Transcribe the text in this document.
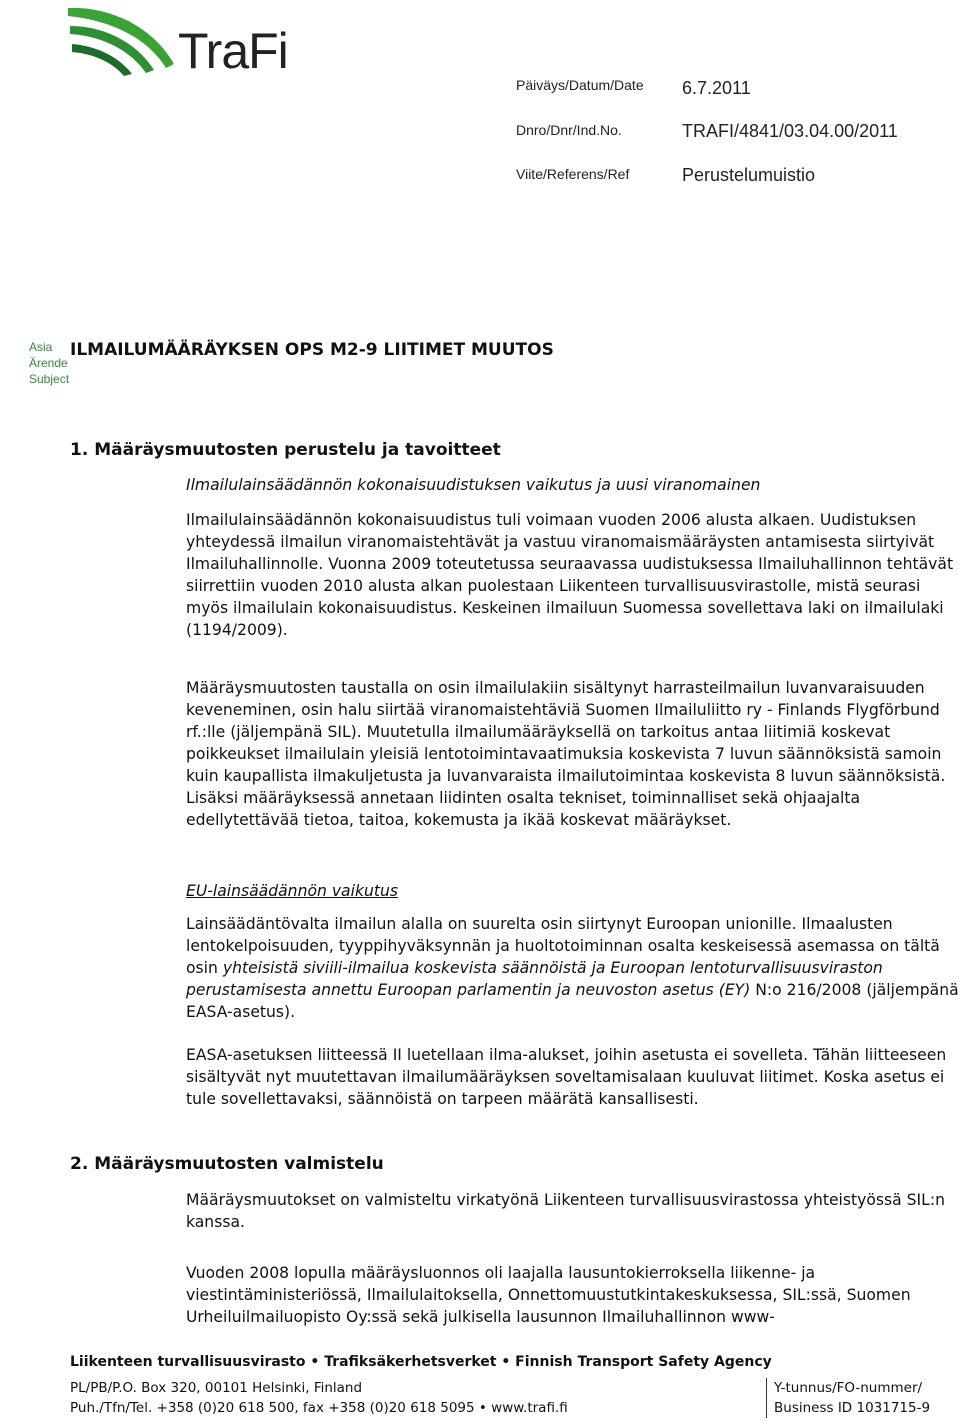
TraFi
Päiväys/Datum/Date 6.7.2011
Dnro/Dnr/Ind.No.	TRAFI/4841/03.04.00/2011
Viite/Referens/Ref	Perustelumuistio
Asia
Ärende
Subject
ILMAILUMÄÄRÄYKSEN OPS M2-9 LIITIMET MUUTOS
1. Määräysmuutosten perustelu ja tavoitteet
Ilmailulainsäädännön kokonaisuudistuksen vaikutus ja uusi viranomainen

Ilmailulainsäädännön kokonaisuudistus tuli voimaan vuoden 2006 alusta alkaen. Uudistuksen yhteydessä ilmailun viranomaistehtävät ja vastuu viranomaismääräysten antamisesta siirtyivät Ilmailuhallinnolle. Vuonna 2009 toteutetussa seuraavassa uudistuksessa Ilmailuhallinnon tehtävät siirrettiin vuoden 2010 alusta alkan puolestaan Liikenteen turvallisuusvirastolle, mistä seurasi myös ilmailulain kokonaisuudistus. Keskeinen ilmailuun Suomessa sovellettava laki on ilmailulaki (1194/2009).

Määräysmuutosten taustalla on osin ilmailulakiin sisältynyt harrasteilmailun luvanvaraisuuden keveneminen, osin halu siirtää viranomaistehtäviä Suomen Ilmailuliitto ry - Finlands Flygförbund rf.:lle (jäljempänä SIL). Muutetulla ilmailumääräyksellä on tarkoitus antaa liitimiä koskevat poikkeukset ilmailulain yleisiä lentotoimintavaatimuksia koskevista 7 luvun säännöksistä samoin kuin kaupallista ilmakuljetusta ja luvanvaraista ilmailutoimintaa koskevista 8 luvun säännöksistä. Lisäksi määräyksessä annetaan liidinten osalta tekniset, toiminnalliset sekä ohjaajalta edellytettävää tietoa, taitoa, kokemusta ja ikää koskevat määräykset.

EU-lainsäädännön vaikutus

Lainsäädäntövalta ilmailun alalla on suurelta osin siirtynyt Euroopan unionille. Ilmaalusten lentokelpoisuuden, tyyppihyväksynnän ja huoltotoiminnan osalta keskeisessä asemassa on tältä osin yhteisistä siviili-ilmailua koskevista säännöistä ja Euroopan lentoturvallisuusviraston perustamisesta annettu Euroopan parlamentin ja neuvoston asetus (EY) N:o 216/2008 (jäljempänä EASA-asetus).

EASA-asetuksen liitteessä II luetellaan ilma-alukset, joihin asetusta ei sovelleta. Tähän liitteeseen sisältyvät nyt muutettavan ilmailumääräyksen soveltamisalaan kuuluvat liitimet. Koska asetus ei tule sovellettavaksi, säännöistä on tarpeen määrätä kansallisesti.

2. Määräysmuutosten valmistelu

Määräysmuutokset on valmisteltu virkatyönä Liikenteen turvallisuusvirastossa yhteistyössä SIL:n kanssa.

Vuoden 2008 lopulla määräysluonnos oli laajalla lausuntokierroksella liikenne- ja viestintäministeriössä, Ilmailulaitoksella, Onnettomuustutkintakeskuksessa, SIL:ssä, Suomen Urheiluilmailuopisto Oy:ssä sekä julkisella lausunnon Ilmailuhallinnon www-

Liikenteen turvallisuusvirasto • Trafiksäkerhetsverket • Finnish Transport Safety Agency
PL/PB/P.O. Box 320, 00101 Helsinki, Finland
Puh./Tfn/Tel. +358 (0)20 618 500, fax +358 (0)20 618 5095 • www.trafi.fi
Y-tunnus/FO-nummer/
Business ID 1031715-9
